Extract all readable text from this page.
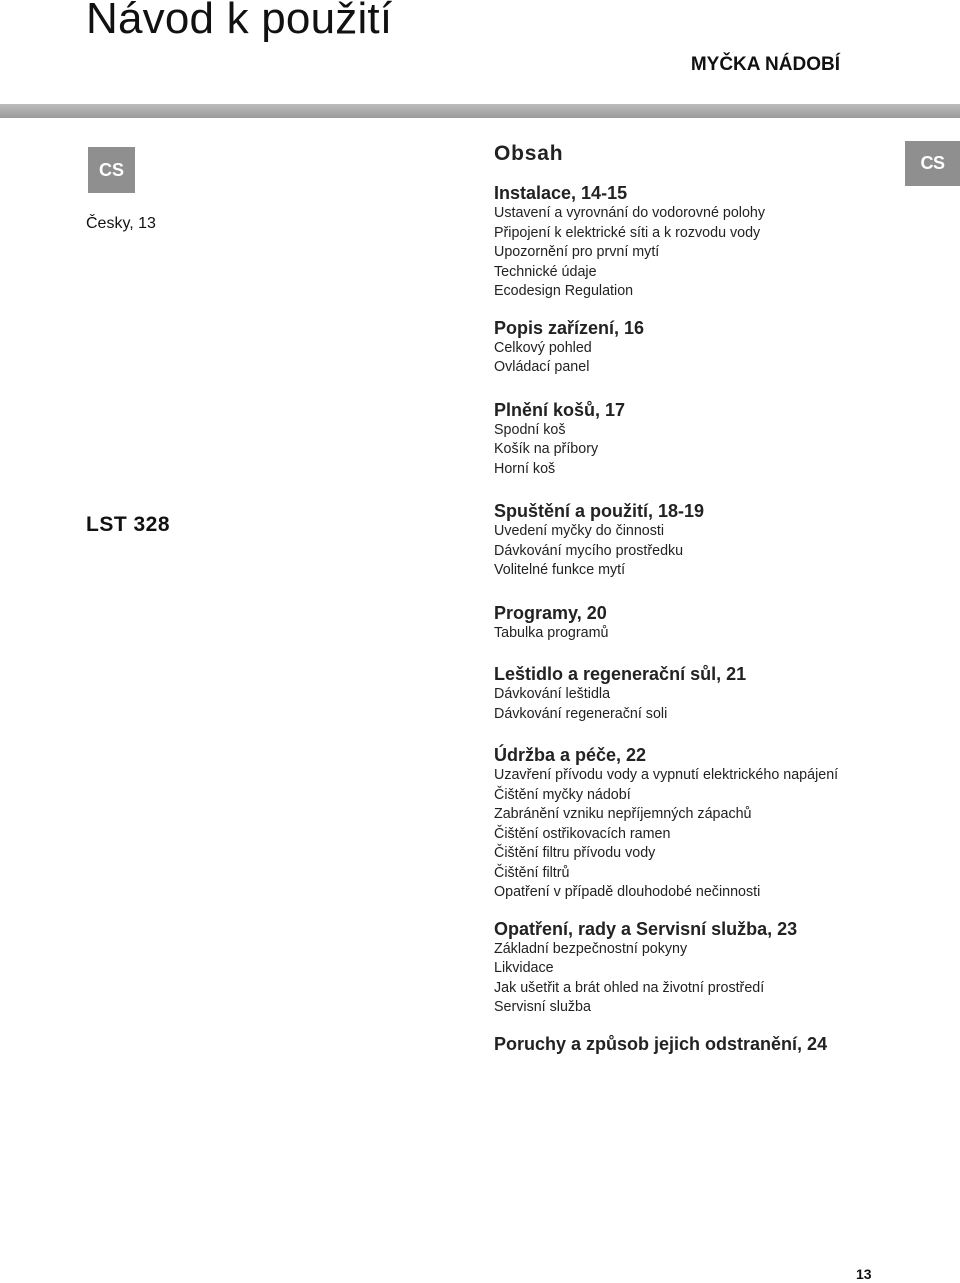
Návod k použití
MYČKA NÁDOBÍ
CS
Česky, 13
LST 328
CS
Obsah
Instalace, 14-15
Ustavení a vyrovnání do vodorovné polohy
Připojení k elektrické síti a k rozvodu vody
Upozornění pro první mytí
Technické údaje
Ecodesign Regulation
Popis zařízení, 16
Celkový pohled
Ovládací panel
Plnění košů, 17
Spodní koš
Košík na příbory
Horní koš
Spuštění a použití, 18-19
Uvedení myčky do činnosti
Dávkování mycího prostředku
Volitelné funkce mytí
Programy, 20
Tabulka programů
Leštidlo a regenerační sůl, 21
Dávkování leštidla
Dávkování regenerační soli
Údržba a péče, 22
Uzavření přívodu vody a vypnutí elektrického napájení
Čištění myčky nádobí
Zabránění vzniku nepříjemných zápachů
Čištění ostřikovacích ramen
Čištění filtru přívodu vody
Čištění filtrů
Opatření v případě dlouhodobé nečinnosti
Opatření, rady a Servisní služba, 23
Základní bezpečnostní pokyny
Likvidace
Jak ušetřit a brát ohled na životní prostředí
Servisní služba
Poruchy a způsob jejich odstranění, 24
13
